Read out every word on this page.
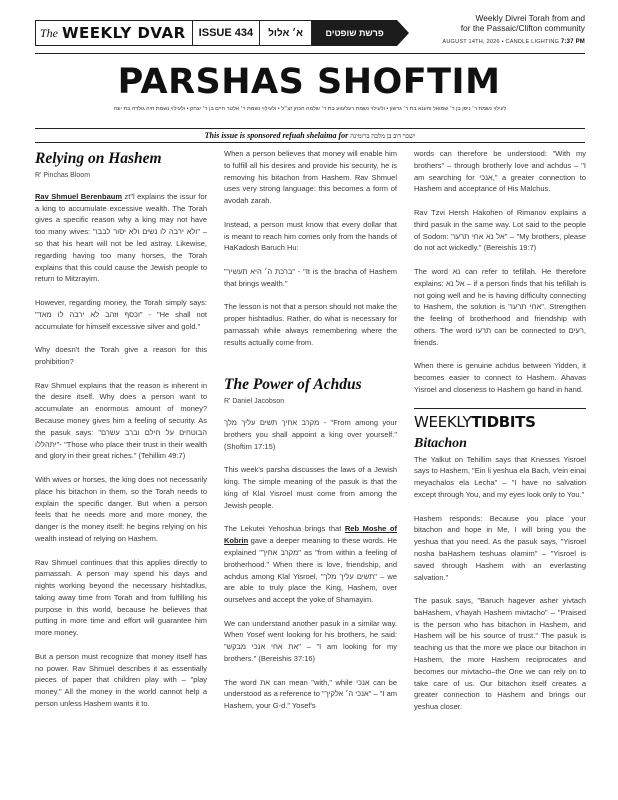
The WEEKLY DVAR	ISSUE 434	א׳ אלול	פרשת שופטים
Weekly Divrei Torah from and
for the Passaic/Clifton community
AUGUST 14TH, 2026 • CANDLE LIGHTING 7:37 PM
PARSHAS SHOFTIM
לעילוי נשמת ר׳ ניסן בן ר׳ שמואל והענא בת ר׳ גרשון • ולעילוי נשמת רעלעווע בת ר׳ שלמה הכהן זצ״ל • ולעילוי נשמת ר׳ אלטר חיים בן ר׳ יצחק • ולעילוי נשמת חיה גולדה בת יונה
This issue is sponsored refuah shelaima for ישכר דוב בן מלכה ברומינה
Relying on Hashem
R' Pinchas Bloom

Rav Shmuel Berenbaum zt"l explains the issur for a king to accumulate excessive wealth. The Torah gives a specific reason why a king may not have too many wives: "ולא ירבה לו נשים ולא יסור לבבו" – so that his heart will not be led astray. Likewise, regarding having too many horses, the Torah explains that this could cause the Jewish people to return to Mitzrayim.

However, regarding money, the Torah simply says: "וכסף וזהב לא ירבה לו מאד" - "He shall not accumulate for himself excessive silver and gold."

Why doesn't the Torah give a reason for this prohibition?

Rav Shmuel explains that the reason is inherent in the desire itself. Why does a person want to accumulate an enormous amount of money? Because money gives him a feeling of security. As the pasuk says: "הבוטחים על חילם וברב עשרם יתהללו"- "Those who place their trust in their wealth and glory in their great riches." (Tehillim 49:7)

With wives or horses, the king does not necessarily place his bitachon in them, so the Torah needs to explain the specific danger. But when a person feels that he needs more and more money, the danger is the money itself: he begins relying on his wealth instead of relying on Hashem.

Rav Shmuel continues that this applies directly to parnassah. A person may spend his days and nights working beyond the necessary hishtadlus, taking away time from Torah and from fulfilling his purpose in this world, because he believes that putting in more time and effort will guarantee him more money.

But a person must recognize that money itself has no power. Rav Shmuel describes it as essentially pieces of paper that children play with – "play money." All the money in the world cannot help a person unless Hashem wants it to.

When a person believes that money will enable him to fulfill all his desires and provide his security, he is removing his bitachon from Hashem. Rav Shmuel uses very strong language: this becomes a form of avodah zarah.

Instead, a person must know that every dollar that is meant to reach him comes only from the hands of HaKadosh Baruch Hu:

"ברכת ה׳ היא תעשיר" - "It is the bracha of Hashem that brings wealth."

The lesson is not that a person should not make the proper hishtadlus. Rather, do what is necessary for parnassah while always remembering where the results actually come from.

The Power of Achdus
R' Daniel Jacobson

מקרב אחיך תשים עליך מלך - "From among your brothers you shall appoint a king over yourself." (Shoftim 17:15)

This week's parsha discusses the laws of a Jewish king. The simple meaning of the pasuk is that the king of Klal Yisroel must come from among the Jewish people.

The Lekutei Yehoshua brings that Reb Moshe of Kobrin gave a deeper meaning to these words. He explained "מקרב אחיך" as "from within a feeling of brotherhood." When there is love, friendship, and achdus among Klal Yisroel, "תשים עליך מלך" – we are able to truly place the King, Hashem, over ourselves and accept the yoke of Shamayim.

We can understand another pasuk in a similar way. When Yosef went looking for his brothers, he said: "את אחי אנכי מבקש" – "I am looking for my brothers." (Bereishis 37:16)

The word את can mean "with," while אנכי can be understood as a reference to "אנכי ה׳ אלקיך" – "I am Hashem, your G-d." Yosef's

words can therefore be understood: "With my brothers" – through brotherly love and achdus – "I am searching for אנכי," a greater connection to Hashem and acceptance of His Malchus.

Rav Tzvi Hersh Hakohen of Rimanov explains a third pasuk in the same way. Lot said to the people of Sodom: "אל נא אחי תרעו" – "My brothers, please do not act wickedly." (Bereishis 19:7)

The word נא can refer to tefillah. He therefore explains: אל נא – if a person finds that his tefillah is not going well and he is having difficulty connecting to Hashem, the solution is "אחי תרעו". Strengthen the feeling of brotherhood and friendship with others. The word תרעו can be connected to רעים, friends.

When there is genuine achdus between Yidden, it becomes easier to connect to Hashem. Ahavas Yisroel and closeness to Hashem go hand in hand.

WEEKLYTIDBITS
Bitachon

The Yalkut on Tehillim says that Knesses Yisroel says to Hashem, "Ein li yeshua ela Bach, v'ein einai meyachalos ela Lecha" – "I have no salvation except through You, and my eyes look only to You."

Hashem responds: Because you place your bitachon and hope in Me, I will bring you the yeshua that you need. As the pasuk says, "Yisroel nosha baHashem teshuas olamim" – "Yisroel is saved through Hashem with an everlasting salvation."

The pasuk says, "Baruch hagever asher yivtach baHashem, v'hayah Hashem mivtacho" – "Praised is the person who has bitachon in Hashem, and Hashem will be his source of trust." The pasuk is teaching us that the more we place our bitachon in Hashem, the more Hashem reciprocates and becomes our mivtacho–the One we can rely on to take care of us. Our bitachon itself creates a greater connection to Hashem and brings our yeshua closer.
